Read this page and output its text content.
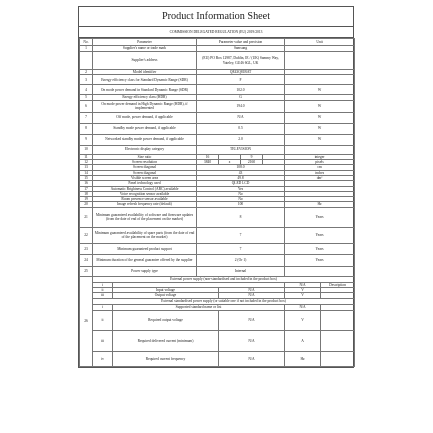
Product Information Sheet
COMMISSION DELEGATED REGULATION (EU) 2019/2013
No.	Parameter		Parameter value and precision				Unit	
1	Supplier's name or trade mark		Samsung					
	Supplier's address		(EU) PO Box 12987, Dublin, IE / (UK) Sammy Way, Yateley, GU46 6GL, UK					
2	Model identifier		QE43Q81BAT					
3	Energy efficiency class for Standard Dynamic Range (SDR)		F					
4	On mode power demand in Standard Dynamic Range (SDR)		102.0				W	
5	Energy efficiency class (HDR)		G					
6	On mode power demand in High Dynamic Range (HDR), if implemented		194.0				W	
7	Off mode, power demand, if applicable		N/A				W	
8	Standby mode power demand, if applicable		0.5				W	
9	Networked standby mode power demand, if applicable		2.0				W	
10	Electronic display category		TELEVISION					
11	Size ratio		16		9		integer	
12	Screen resolution		3840	x	2160		pixels	
13	Screen diagonal		108.0				cm	
14	Screen diagonal		43				inches	
15	Visible screen area		49.8				dm²	
16	Panel technology used		QLED LCD					
17	Automatic Brightness Control (ABC) available		Yes					
18	Voice recognition sensor available		No					
19	Room presence sensor available		No					
20	Image refresh frequency rate (default)		100				Hz	
21	Minimum guaranteed availability of software and firmware updates (from the date of end of the placement on the market)		8				Years	
22	Minimum guaranteed availability of spare parts (from the date of end of the placement on the market)		7				Years	
23	Minimum guaranteed product support		7				Years	
24	Minimum duration of the general guarantee offered by the supplier		2 (Or 1)				Years	
25	Power supply type		Internal					
26	External power supply (non-standardised and included in the product box)							
	i						N/A	Description
	ii	Input voltage		N/A			V	
	iii	Output voltage		N/A			V	
	External standardised power supply (or suitable one if not included in the product box)							
	i	Supported standard name or list					N/A	
	ii	Required output voltage		N/A			V	
	iii	Required delivered current (minimum)		N/A			A	
	iv	Required current frequency		N/A			Hz	
